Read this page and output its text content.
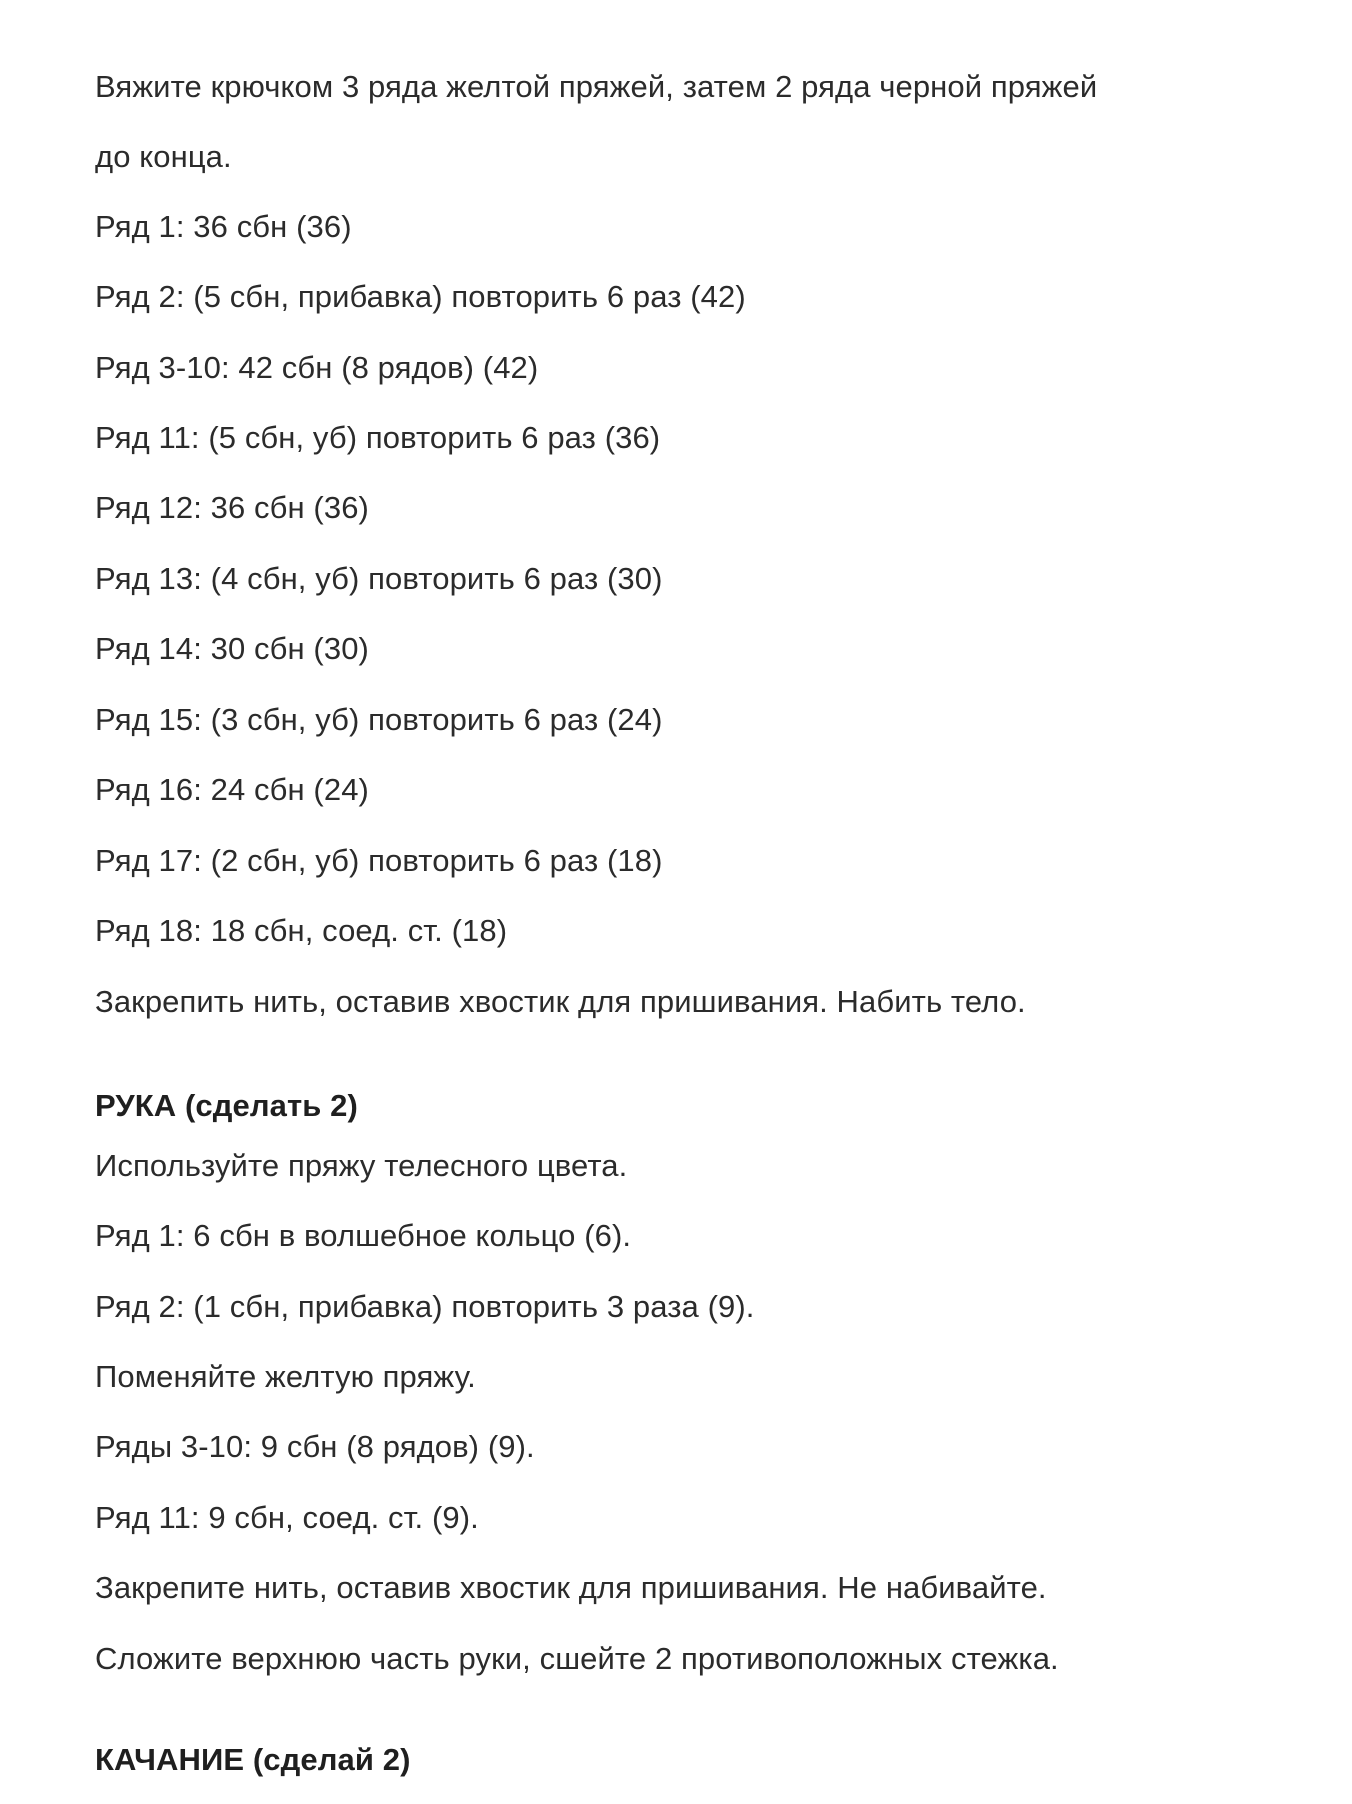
Вяжите крючком 3 ряда желтой пряжей, затем 2 ряда черной пряжей

до конца.

Ряд 1: 36 сбн (36)

Ряд 2: (5 сбн, прибавка) повторить 6 раз (42)

Ряд 3-10: 42 сбн (8 рядов) (42)

Ряд 11: (5 сбн, уб) повторить 6 раз (36)

Ряд 12: 36 сбн (36)

Ряд 13: (4 сбн, уб) повторить 6 раз (30)

Ряд 14: 30 сбн (30)

Ряд 15: (3 сбн, уб) повторить 6 раз (24)

Ряд 16: 24 сбн (24)

Ряд 17: (2 сбн, уб) повторить 6 раз (18)

Ряд 18: 18 сбн, соед. ст. (18)

Закрепить нить, оставив хвостик для пришивания. Набить тело.

РУКА (сделать 2)

Используйте пряжу телесного цвета.

Ряд 1: 6 сбн в волшебное кольцо (6).

Ряд 2: (1 сбн, прибавка) повторить 3 раза (9).

Поменяйте желтую пряжу.

Ряды 3-10: 9 сбн (8 рядов) (9).

Ряд 11: 9 сбн, соед. ст. (9).

Закрепите нить, оставив хвостик для пришивания. Не набивайте.

Сложите верхнюю часть руки, сшейте 2 противоположных стежка.

КАЧАНИЕ (сделай 2)
